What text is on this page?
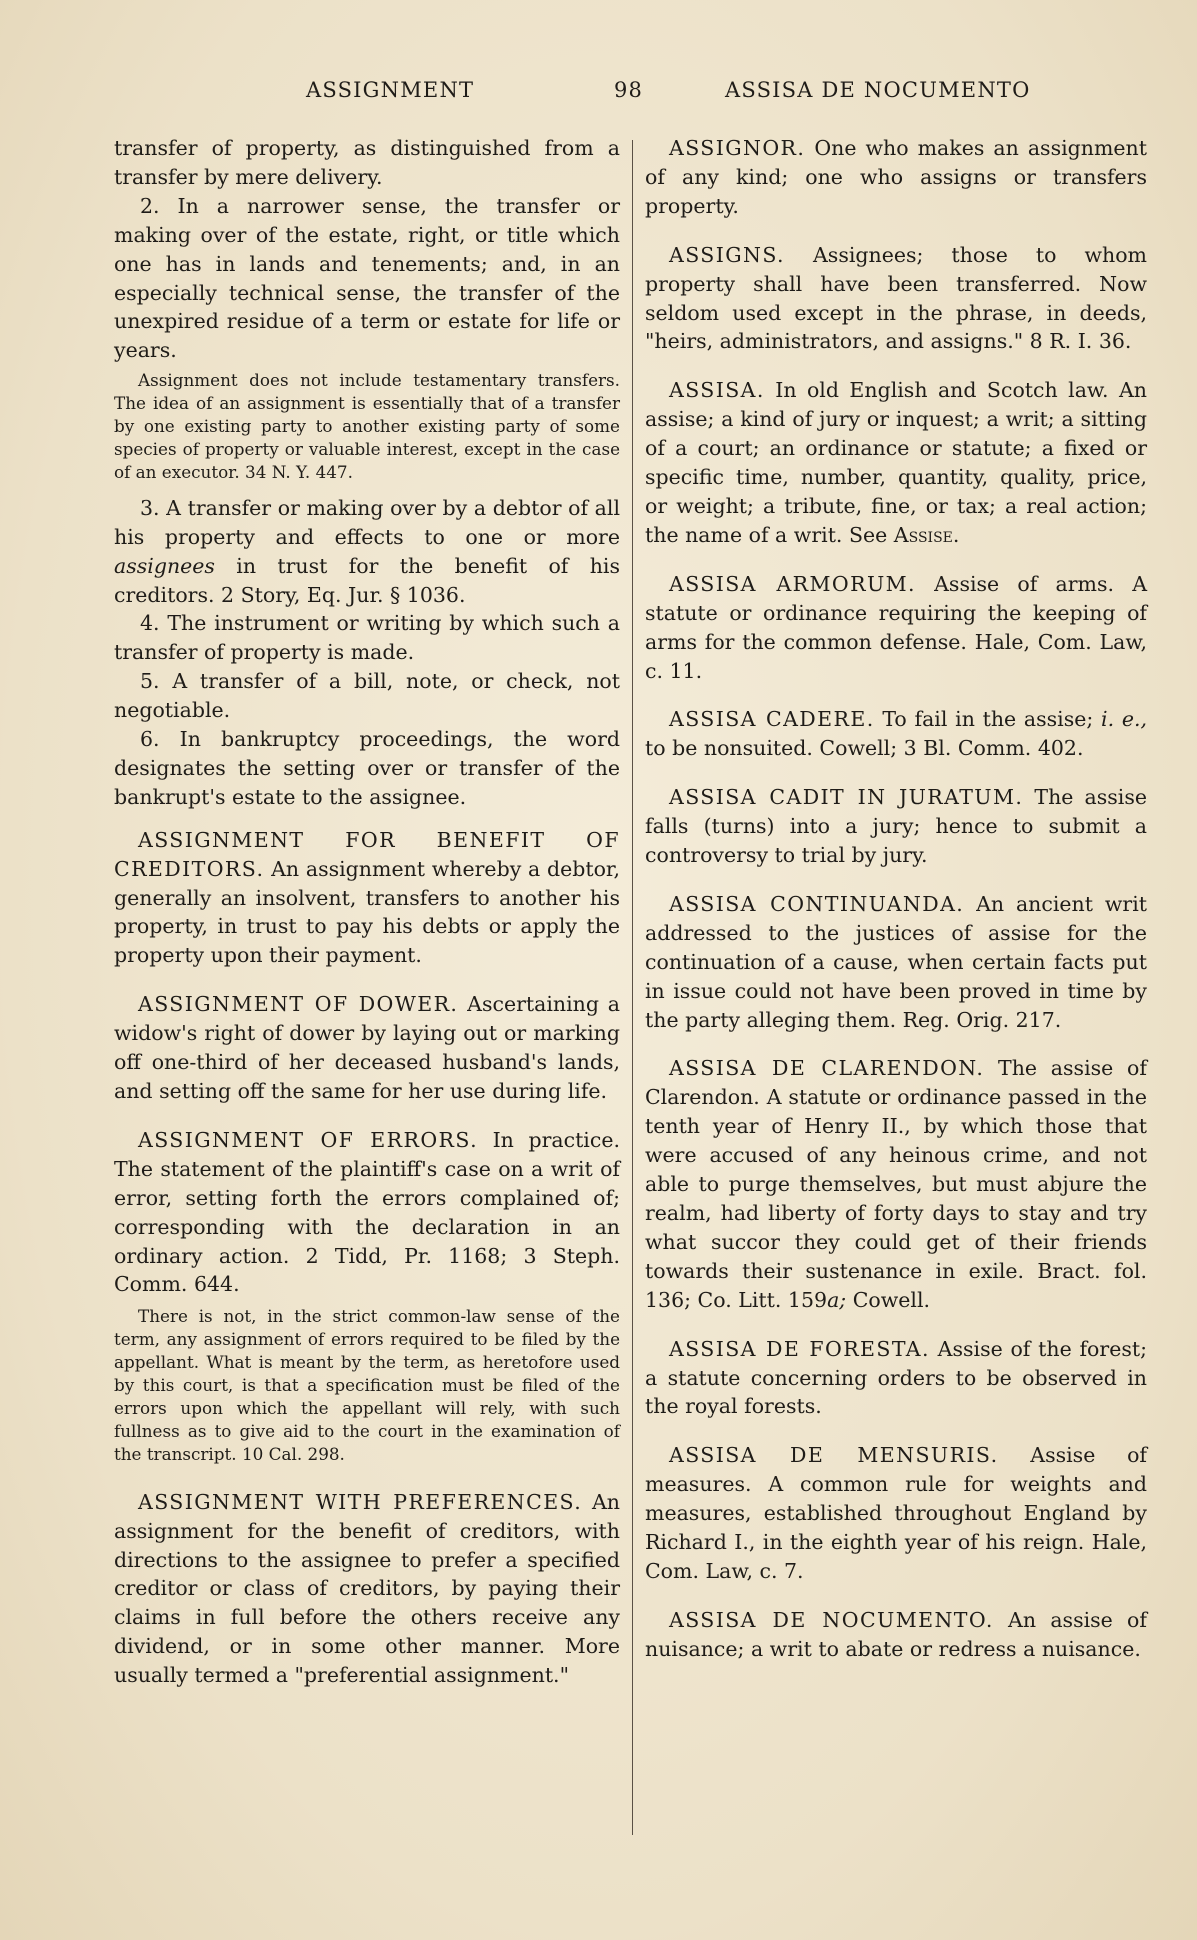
ASSIGNMENT	98	ASSISA DE NOCUMENTO

transfer of property, as distinguished from a transfer by mere delivery.

2. In a narrower sense, the transfer or making over of the estate, right, or title which one has in lands and tenements; and, in an especially technical sense, the transfer of the unexpired residue of a term or estate for life or years.

Assignment does not include testamentary transfers. The idea of an assignment is essentially that of a transfer by one existing party to another existing party of some species of property or valuable interest, except in the case of an executor. 34 N. Y. 447.

3. A transfer or making over by a debtor of all his property and effects to one or more assignees in trust for the benefit of his creditors. 2 Story, Eq. Jur. § 1036.

4. The instrument or writing by which such a transfer of property is made.

5. A transfer of a bill, note, or check, not negotiable.

6. In bankruptcy proceedings, the word designates the setting over or transfer of the bankrupt's estate to the assignee.

ASSIGNMENT FOR BENEFIT OF CREDITORS. An assignment whereby a debtor, generally an insolvent, transfers to another his property, in trust to pay his debts or apply the property upon their payment.

ASSIGNMENT OF DOWER. Ascertaining a widow's right of dower by laying out or marking off one-third of her deceased husband's lands, and setting off the same for her use during life.

ASSIGNMENT OF ERRORS. In practice. The statement of the plaintiff's case on a writ of error, setting forth the errors complained of; corresponding with the declaration in an ordinary action. 2 Tidd, Pr. 1168; 3 Steph. Comm. 644.

There is not, in the strict common-law sense of the term, any assignment of errors required to be filed by the appellant. What is meant by the term, as heretofore used by this court, is that a specification must be filed of the errors upon which the appellant will rely, with such fullness as to give aid to the court in the examination of the transcript. 10 Cal. 298.

ASSIGNMENT WITH PREFERENCES. An assignment for the benefit of creditors, with directions to the assignee to prefer a specified creditor or class of creditors, by paying their claims in full before the others receive any dividend, or in some other manner. More usually termed a "preferential assignment."

ASSIGNOR. One who makes an assignment of any kind; one who assigns or transfers property.

ASSIGNS. Assignees; those to whom property shall have been transferred. Now seldom used except in the phrase, in deeds, "heirs, administrators, and assigns." 8 R. I. 36.

ASSISA. In old English and Scotch law. An assise; a kind of jury or inquest; a writ; a sitting of a court; an ordinance or statute; a fixed or specific time, number, quantity, quality, price, or weight; a tribute, fine, or tax; a real action; the name of a writ. See Assise.

ASSISA ARMORUM. Assise of arms. A statute or ordinance requiring the keeping of arms for the common defense. Hale, Com. Law, c. 11.

ASSISA CADERE. To fail in the assise; i. e., to be nonsuited. Cowell; 3 Bl. Comm. 402.

ASSISA CADIT IN JURATUM. The assise falls (turns) into a jury; hence to submit a controversy to trial by jury.

ASSISA CONTINUANDA. An ancient writ addressed to the justices of assise for the continuation of a cause, when certain facts put in issue could not have been proved in time by the party alleging them. Reg. Orig. 217.

ASSISA DE CLARENDON. The assise of Clarendon. A statute or ordinance passed in the tenth year of Henry II., by which those that were accused of any heinous crime, and not able to purge themselves, but must abjure the realm, had liberty of forty days to stay and try what succor they could get of their friends towards their sustenance in exile. Bract. fol. 136; Co. Litt. 159a; Cowell.

ASSISA DE FORESTA. Assise of the forest; a statute concerning orders to be observed in the royal forests.

ASSISA DE MENSURIS. Assise of measures. A common rule for weights and measures, established throughout England by Richard I., in the eighth year of his reign. Hale, Com. Law, c. 7.

ASSISA DE NOCUMENTO. An assise of nuisance; a writ to abate or redress a nuisance.
